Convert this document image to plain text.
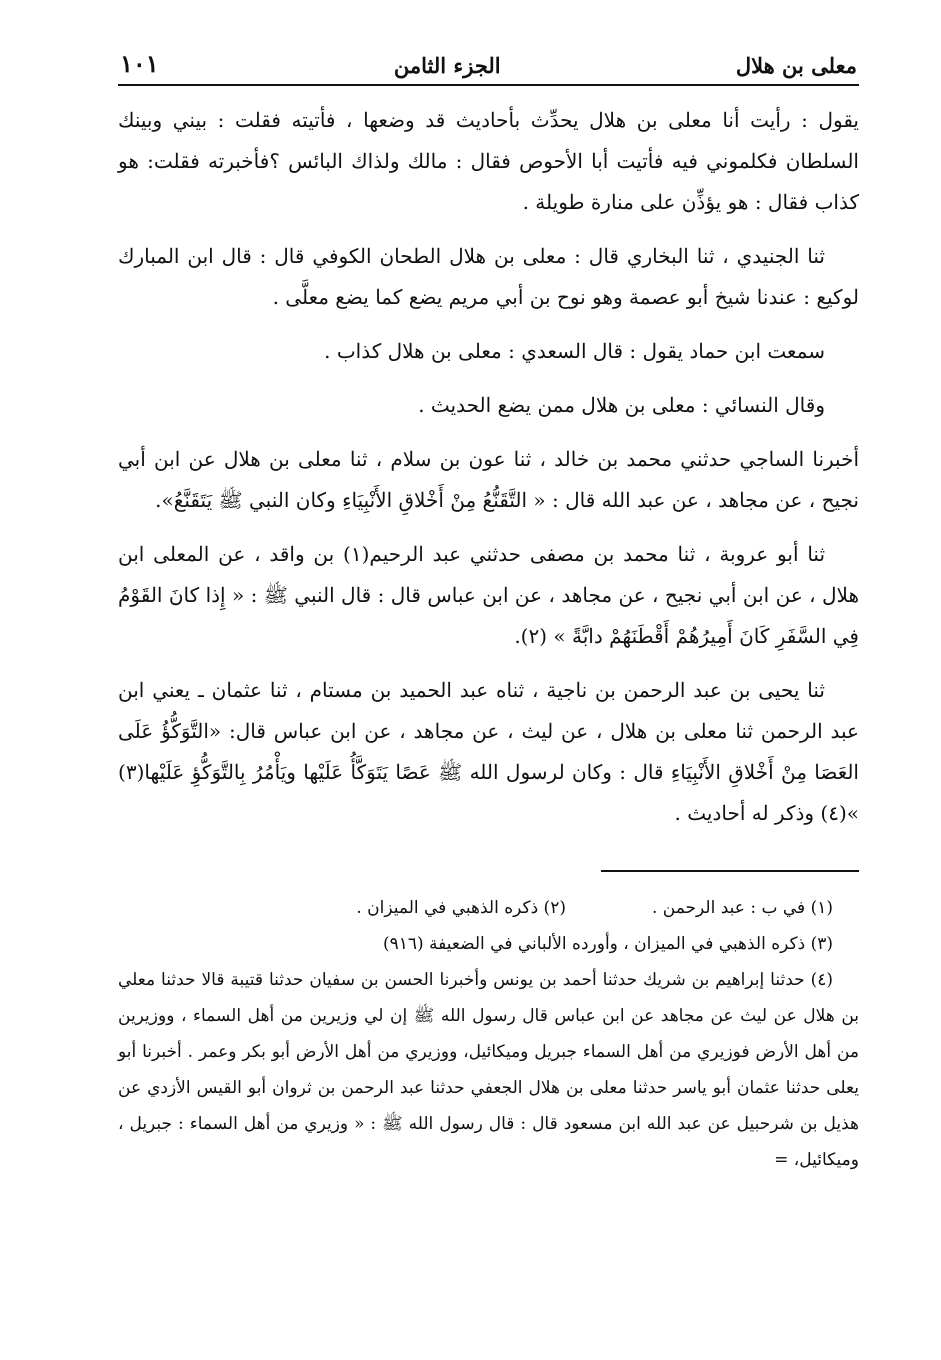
معلى بن هلال
الجزء الثامن
١٠١

يقول : رأيت أنا معلى بن هلال يحدِّث بأحاديث قد وضعها ، فأتيته فقلت : بيني وبينك السلطان فكلموني فيه فأتيت أبا الأحوص فقال : مالك ولذاك البائس ؟فأخبرته فقلت: هو كذاب فقال : هو يؤذِّن على منارة طويلة .

ثنا الجنيدي ، ثنا البخاري قال : معلى بن هلال الطحان الكوفي قال : قال ابن المبارك لوكيع : عندنا شيخ أبو عصمة وهو نوح بن أبي مريم يضع كما يضع معلَّى .

سمعت ابن حماد يقول : قال السعدي : معلى بن هلال كذاب .

وقال النسائي : معلى بن هلال ممن يضع الحديث .

أخبرنا الساجي حدثني محمد بن خالد ، ثنا عون بن سلام ، ثنا معلى بن هلال عن ابن أبي نجيح ، عن مجاهد ، عن عبد الله قال : « التَّقَنُّعُ مِنْ أَخْلاقِ الأَنْبِيَاءِ وكان النبي ﷺ يَتَقَنَّعُ».

ثنا أبو عروبة ، ثنا محمد بن مصفى حدثني عبد الرحيم(١) بن واقد ، عن المعلى ابن هلال ، عن ابن أبي نجيح ، عن مجاهد ، عن ابن عباس قال : قال النبي ﷺ : « إِذا كانَ القَوْمُ فِي السَّفَرِ كَانَ أَمِيرُهُمْ أَقْطَنَهُمْ دابَّةً » (٢).

ثنا يحيى بن عبد الرحمن بن ناجية ، ثناه عبد الحميد بن مستام ، ثنا عثمان ـ يعني ابن عبد الرحمن ثنا معلى بن هلال ، عن ليث ، عن مجاهد ، عن ابن عباس قال: «التَّوَكُّؤُ عَلَى العَصَا مِنْ أَخْلاقِ الأَنْبِيَاءِ قال : وكان لرسول الله ﷺ عَصًا يَتَوَكَّأُ عَلَيْها ويَأْمُرُ بِالتَّوَكُّؤِ عَلَيْها(٣) »(٤) وذكر له أحاديث .

(١) في ب : عبد الرحمن .
(٢) ذكره الذهبي في الميزان .
(٣) ذكره الذهبي في الميزان ، وأورده الألباني في الضعيفة (٩١٦)

(٤) حدثنا إبراهيم بن شريك حدثنا أحمد بن يونس وأخبرنا الحسن بن سفيان حدثنا قتيبة قالا حدثنا معلي بن هلال عن ليث عن مجاهد عن ابن عباس قال رسول الله ﷺ إن لي وزيرين من أهل السماء ، ووزيرين من أهل الأرض فوزيري من أهل السماء جبريل وميكائيل، ووزيري من أهل الأرض أبو بكر وعمر . أخبرنا أبو يعلى حدثنا عثمان أبو ياسر حدثنا معلى بن هلال الجعفي حدثنا عبد الرحمن بن ثروان أبو القيس الأزدي عن هذيل بن شرحبيل عن عبد الله ابن مسعود قال : قال رسول الله ﷺ : « وزيري من أهل السماء : جبريل ، وميكائيل، =
